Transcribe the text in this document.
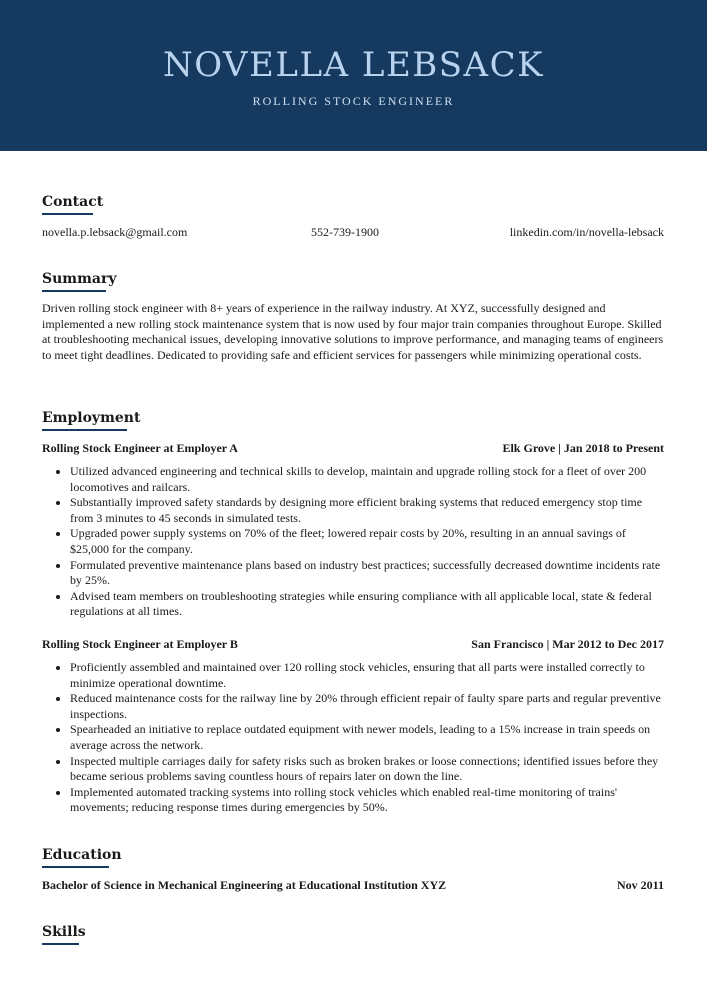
NOVELLA LEBSACK
ROLLING STOCK ENGINEER
Contact
novella.p.lebsack@gmail.com	552-739-1900	linkedin.com/in/novella-lebsack
Summary
Driven rolling stock engineer with 8+ years of experience in the railway industry. At XYZ, successfully designed and implemented a new rolling stock maintenance system that is now used by four major train companies throughout Europe. Skilled at troubleshooting mechanical issues, developing innovative solutions to improve performance, and managing teams of engineers to meet tight deadlines. Dedicated to providing safe and efficient services for passengers while minimizing operational costs.
Employment
Rolling Stock Engineer at Employer A	Elk Grove | Jan 2018 to Present
• Utilized advanced engineering and technical skills to develop, maintain and upgrade rolling stock for a fleet of over 200 locomotives and railcars.
• Substantially improved safety standards by designing more efficient braking systems that reduced emergency stop time from 3 minutes to 45 seconds in simulated tests.
• Upgraded power supply systems on 70% of the fleet; lowered repair costs by 20%, resulting in an annual savings of $25,000 for the company.
• Formulated preventive maintenance plans based on industry best practices; successfully decreased downtime incidents rate by 25%.
• Advised team members on troubleshooting strategies while ensuring compliance with all applicable local, state & federal regulations at all times.
Rolling Stock Engineer at Employer B	San Francisco | Mar 2012 to Dec 2017
• Proficiently assembled and maintained over 120 rolling stock vehicles, ensuring that all parts were installed correctly to minimize operational downtime.
• Reduced maintenance costs for the railway line by 20% through efficient repair of faulty spare parts and regular preventive inspections.
• Spearheaded an initiative to replace outdated equipment with newer models, leading to a 15% increase in train speeds on average across the network.
• Inspected multiple carriages daily for safety risks such as broken brakes or loose connections; identified issues before they became serious problems saving countless hours of repairs later on down the line.
• Implemented automated tracking systems into rolling stock vehicles which enabled real-time monitoring of trains' movements; reducing response times during emergencies by 50%.
Education
Bachelor of Science in Mechanical Engineering at Educational Institution XYZ	Nov 2011
Skills
